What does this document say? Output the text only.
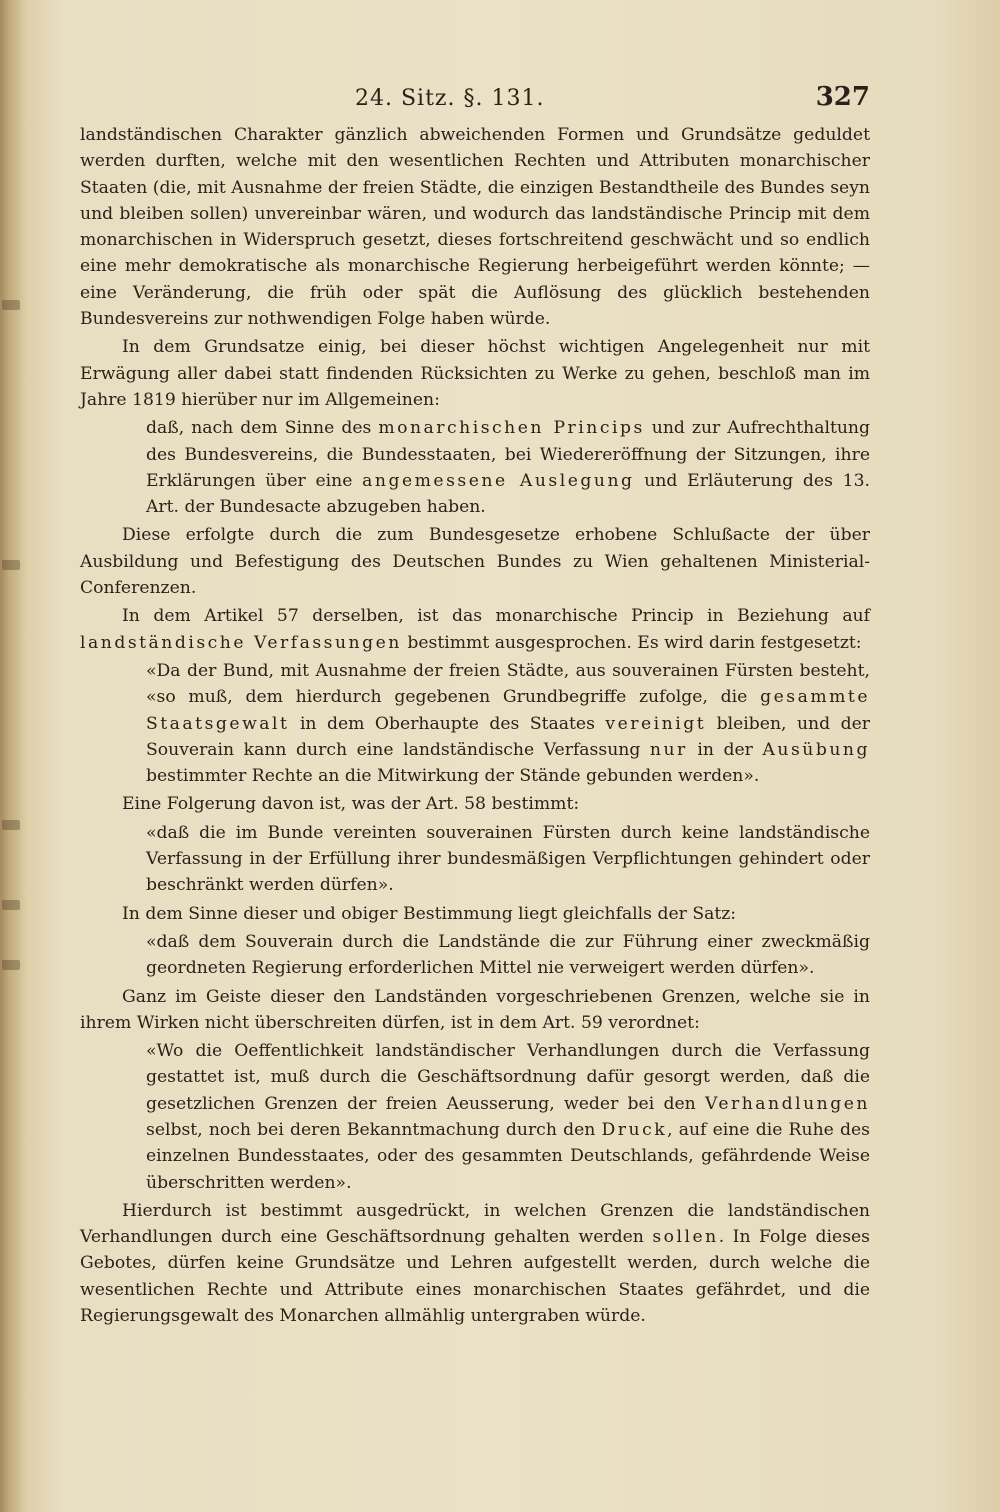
24. Sitz. §. 131.	327

landständischen Charakter gänzlich abweichenden Formen und Grundsätze geduldet werden durften, welche mit den wesentlichen Rechten und Attributen monarchischer Staaten (die, mit Ausnahme der freien Städte, die einzigen Bestandtheile des Bundes seyn und bleiben sollen) unvereinbar wären, und wodurch das landständische Princip mit dem monarchischen in Widerspruch gesetzt, dieses fortschreitend geschwächt und so endlich eine mehr demokratische als monarchische Regierung herbeigeführt werden könnte; — eine Veränderung, die früh oder spät die Auflösung des glücklich bestehenden Bundesvereins zur nothwendigen Folge haben würde.

In dem Grundsatze einig, bei dieser höchst wichtigen Angelegenheit nur mit Erwägung aller dabei statt findenden Rücksichten zu Werke zu gehen, beschloß man im Jahre 1819 hierüber nur im Allgemeinen:

daß, nach dem Sinne des monarchischen Princips und zur Aufrechthaltung des Bundesvereins, die Bundesstaaten, bei Wiedereröffnung der Sitzungen, ihre Erklärungen über eine angemessene Auslegung und Erläuterung des 13. Art. der Bundesacte abzugeben haben.

Diese erfolgte durch die zum Bundesgesetze erhobene Schlußacte der über Ausbildung und Befestigung des Deutschen Bundes zu Wien gehaltenen Ministerial-Conferenzen.

In dem Artikel 57 derselben, ist das monarchische Princip in Beziehung auf landständische Verfassungen bestimmt ausgesprochen. Es wird darin festgesetzt:

«Da der Bund, mit Ausnahme der freien Städte, aus souverainen Fürsten besteht, «so muß, dem hierdurch gegebenen Grundbegriffe zufolge, die gesammte Staatsgewalt in dem Oberhaupte des Staates vereinigt bleiben, und der Souverain kann durch eine landständische Verfassung nur in der Ausübung bestimmter Rechte an die Mitwirkung der Stände gebunden werden».

Eine Folgerung davon ist, was der Art. 58 bestimmt:

«daß die im Bunde vereinten souverainen Fürsten durch keine landständische Verfassung in der Erfüllung ihrer bundesmäßigen Verpflichtungen gehindert oder beschränkt werden dürfen».

In dem Sinne dieser und obiger Bestimmung liegt gleichfalls der Satz:

«daß dem Souverain durch die Landstände die zur Führung einer zweckmäßig geordneten Regierung erforderlichen Mittel nie verweigert werden dürfen».

Ganz im Geiste dieser den Landständen vorgeschriebenen Grenzen, welche sie in ihrem Wirken nicht überschreiten dürfen, ist in dem Art. 59 verordnet:

«Wo die Oeffentlichkeit landständischer Verhandlungen durch die Verfassung gestattet ist, muß durch die Geschäftsordnung dafür gesorgt werden, daß die gesetzlichen Grenzen der freien Aeusserung, weder bei den Verhandlungen selbst, noch bei deren Bekanntmachung durch den Druck, auf eine die Ruhe des einzelnen Bundesstaates, oder des gesammten Deutschlands, gefährdende Weise überschritten werden».

Hierdurch ist bestimmt ausgedrückt, in welchen Grenzen die landständischen Verhandlungen durch eine Geschäftsordnung gehalten werden sollen. In Folge dieses Gebotes, dürfen keine Grundsätze und Lehren aufgestellt werden, durch welche die wesentlichen Rechte und Attribute eines monarchischen Staates gefährdet, und die Regierungsgewalt des Monarchen allmählig untergraben würde.
